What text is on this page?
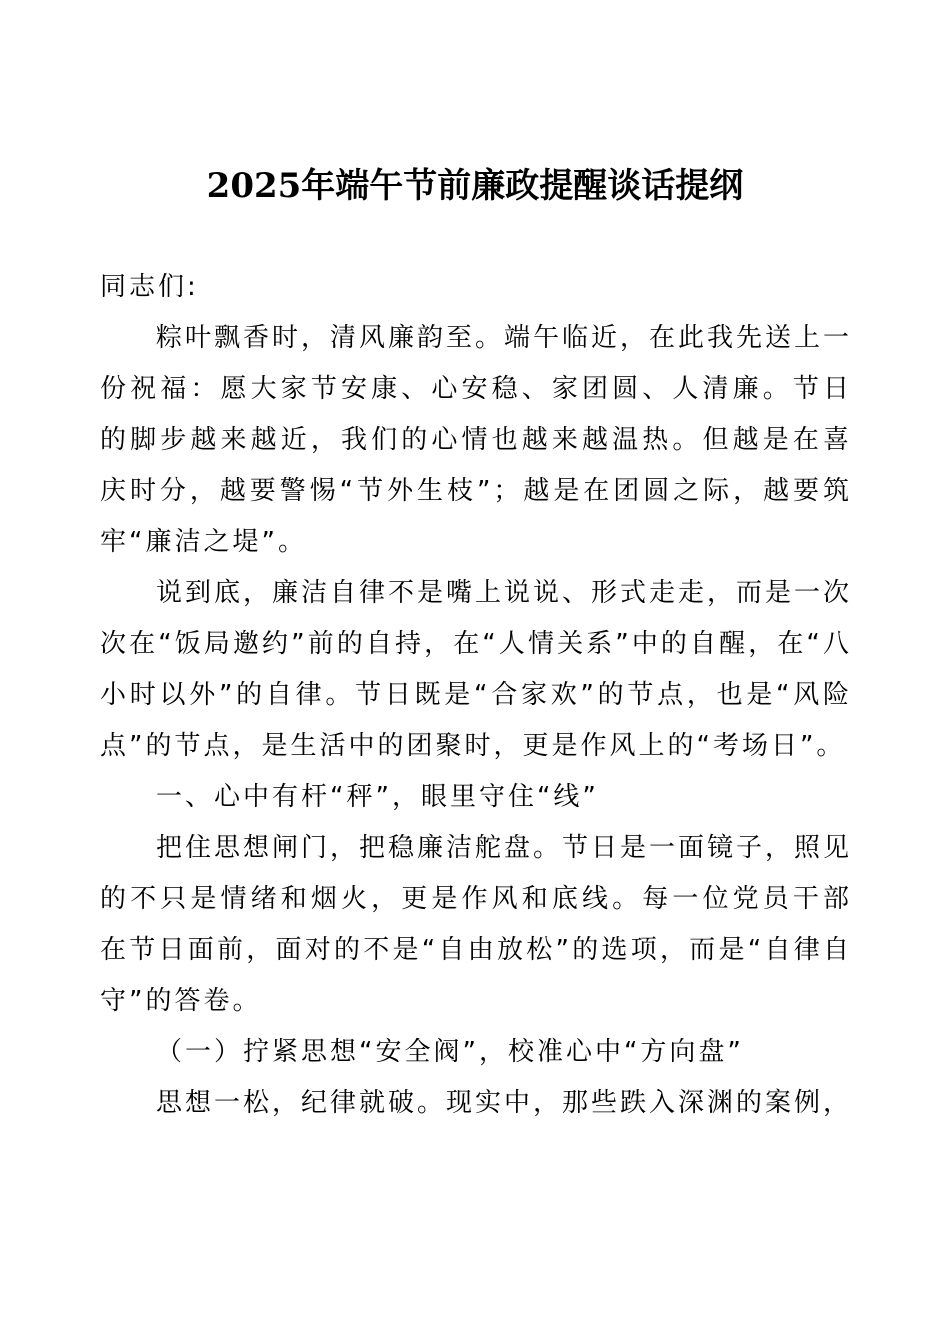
2025年端午节前廉政提醒谈话提纲

同志们:

粽叶飘香时，清风廉韵至。端午临近，在此我先送上一份祝福：愿大家节安康、心安稳、家团圆、人清廉。节日的脚步越来越近，我们的心情也越来越温热。但越是在喜庆时分，越要警惕“节外生枝”；越是在团圆之际，越要筑牢“廉洁之堤”。

说到底，廉洁自律不是嘴上说说、形式走走，而是一次次在“饭局邀约”前的自持，在“人情关系”中的自醒，在“八小时以外”的自律。节日既是“合家欢”的节点，也是“风险点”的节点，是生活中的团聚时，更是作风上的“考场日”。

一、心中有杆“秤”，眼里守住“线”

把住思想闸门，把稳廉洁舵盘。节日是一面镜子，照见的不只是情绪和烟火，更是作风和底线。每一位党员干部在节日面前，面对的不是“自由放松”的选项，而是“自律自守”的答卷。

（一）拧紧思想“安全阀”，校准心中“方向盘”

思想一松，纪律就破。现实中，那些跌入深渊的案例，
